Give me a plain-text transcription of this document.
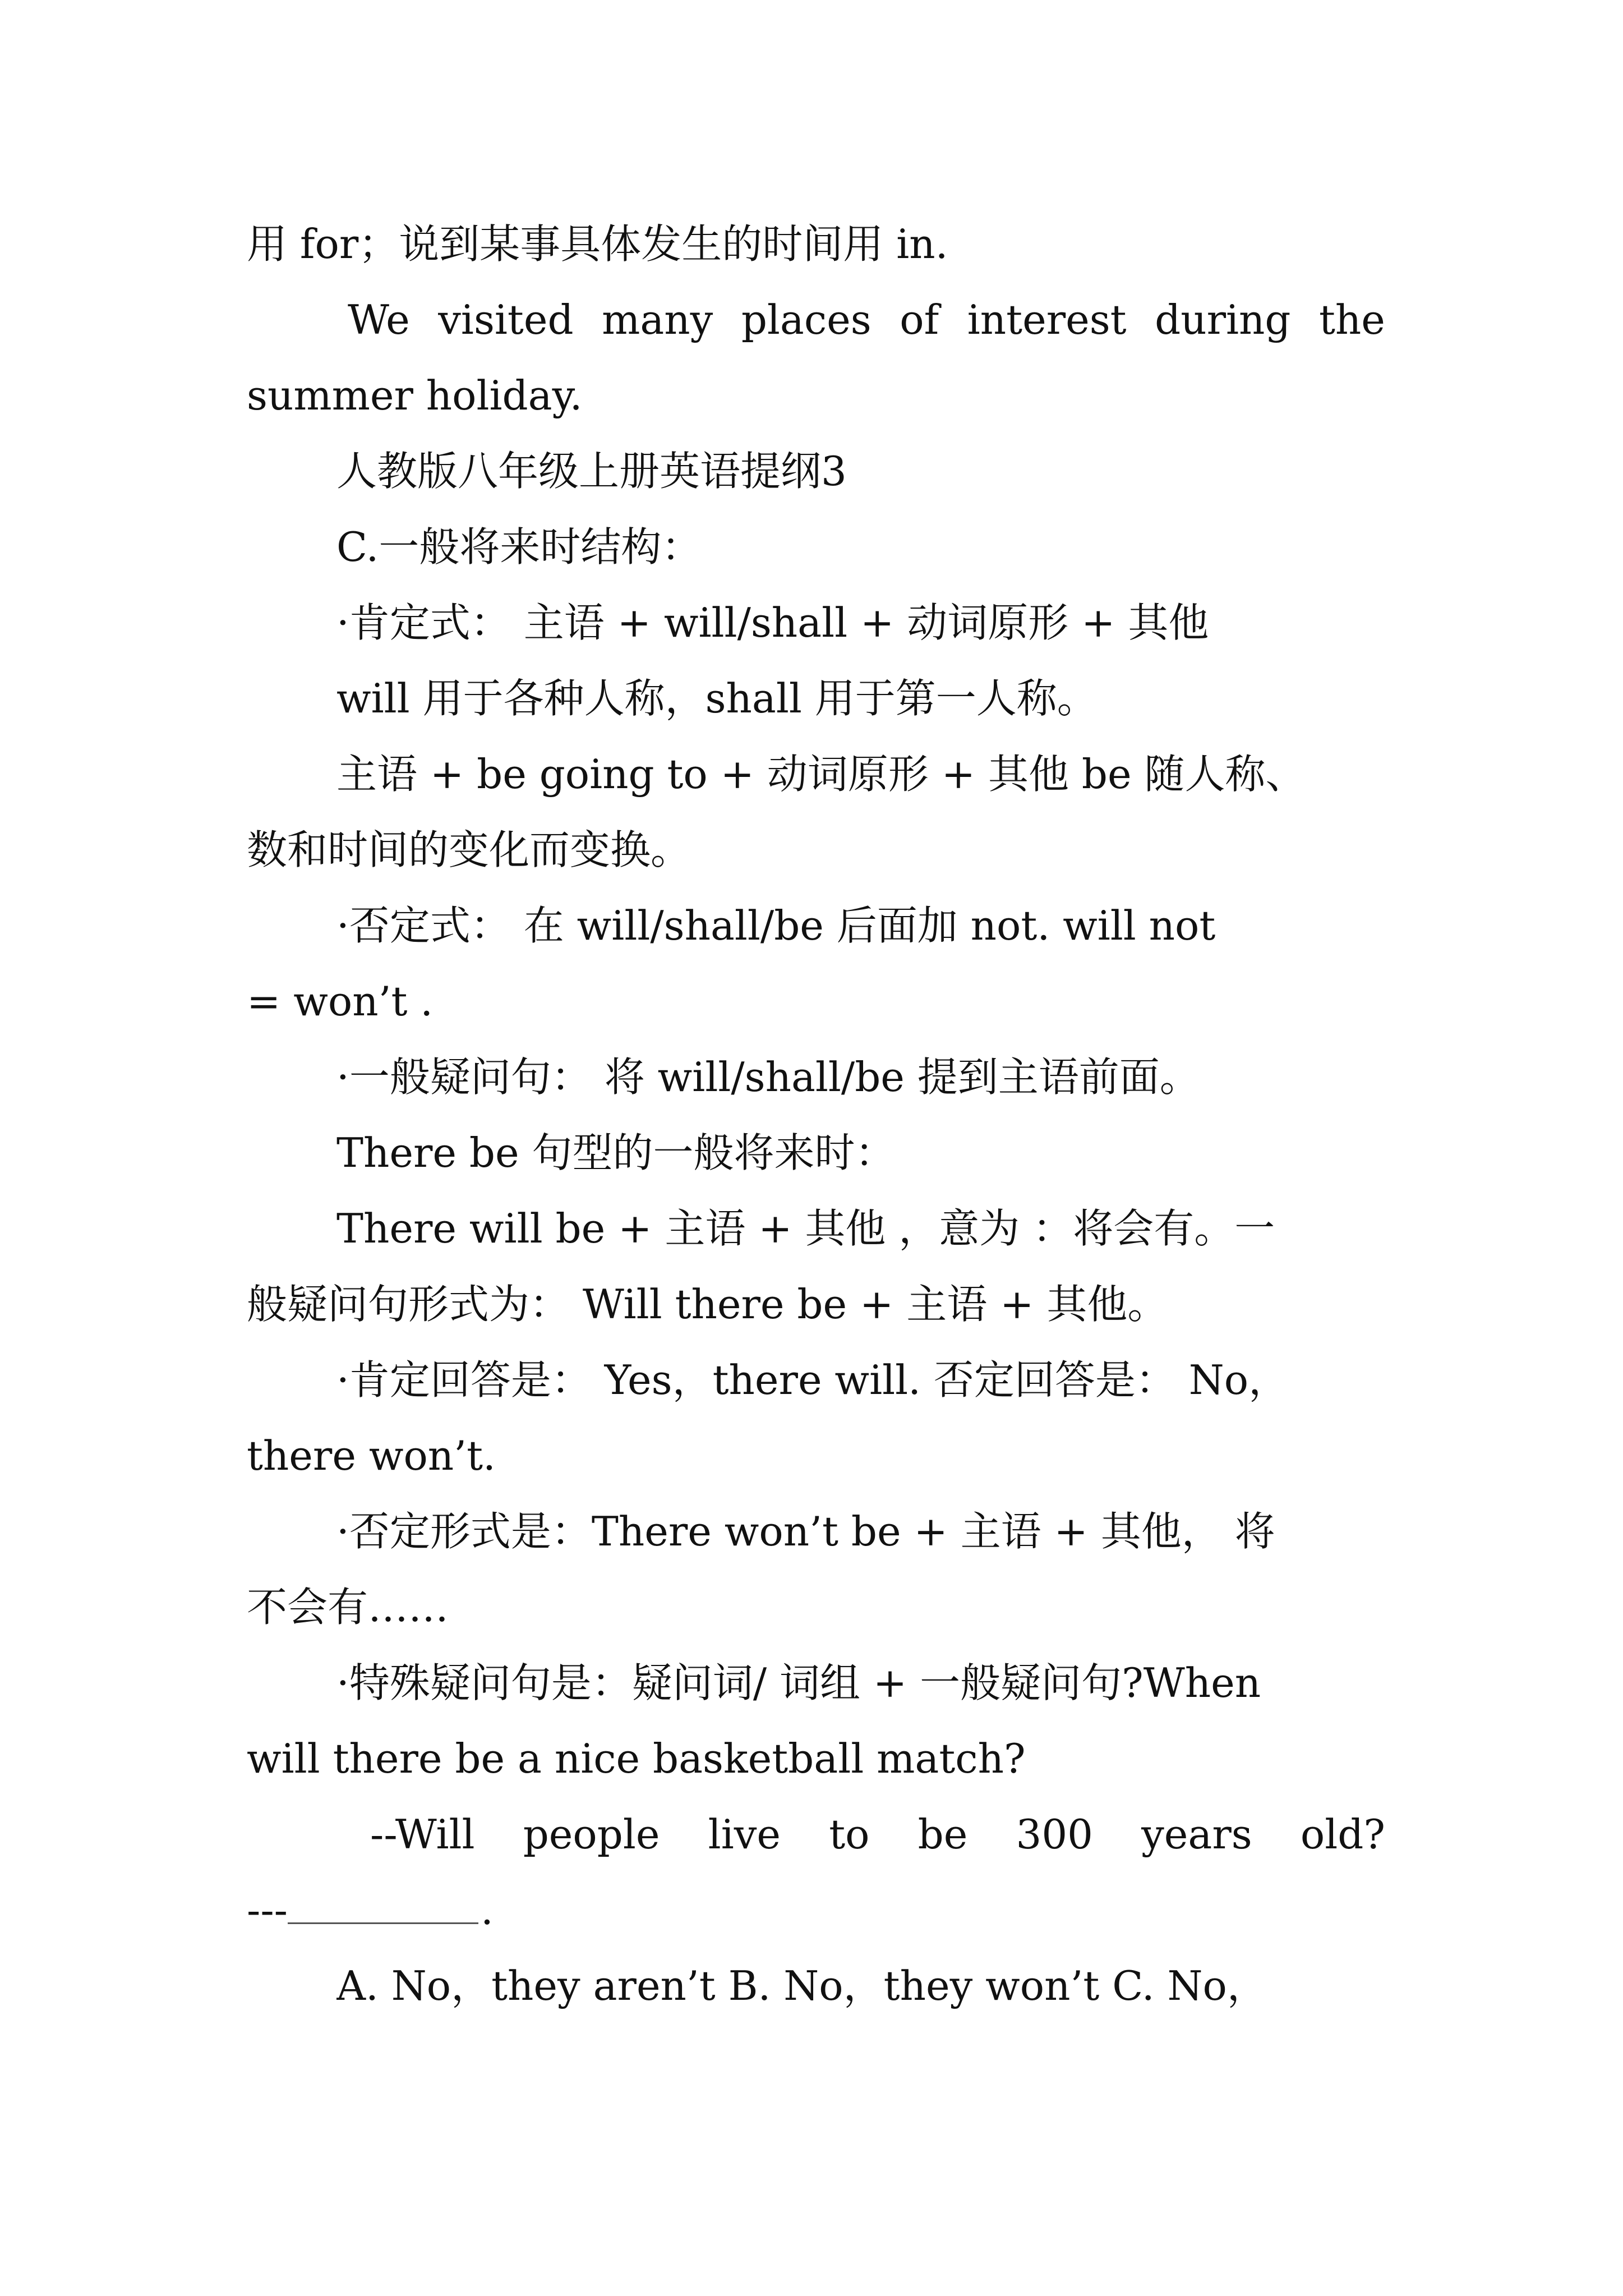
用 for；说到某事具体发生的时间用 in.
We visited many places of interest during the
summer holiday.
人教版八年级上册英语提纲3
C.一般将来时结构：
·肯定式： 主语 + will/shall + 动词原形 + 其他
will 用于各种人称，shall 用于第一人称。
主语 + be going to + 动词原形 + 其他 be 随人称、
数和时间的变化而变换。
·否定式： 在 will/shall/be 后面加 not. will not
= won’t .
·一般疑问句： 将 will/shall/be 提到主语前面。
There be 句型的一般将来时：
There will be + 主语 + 其他 ，意为 ：将会有。一
般疑问句形式为： Will there be + 主语 + 其他。
·肯定回答是： Yes，there will. 否定回答是： No，
there won’t.
·否定形式是：There won’t be + 主语 + 其他， 将
不会有……
·特殊疑问句是：疑问词/ 词组 + 一般疑问句?When
will there be a nice basketball match?
--Will people live to be 300 years old?
---	.
A. No，they aren’t B. No，they won’t C. No，
